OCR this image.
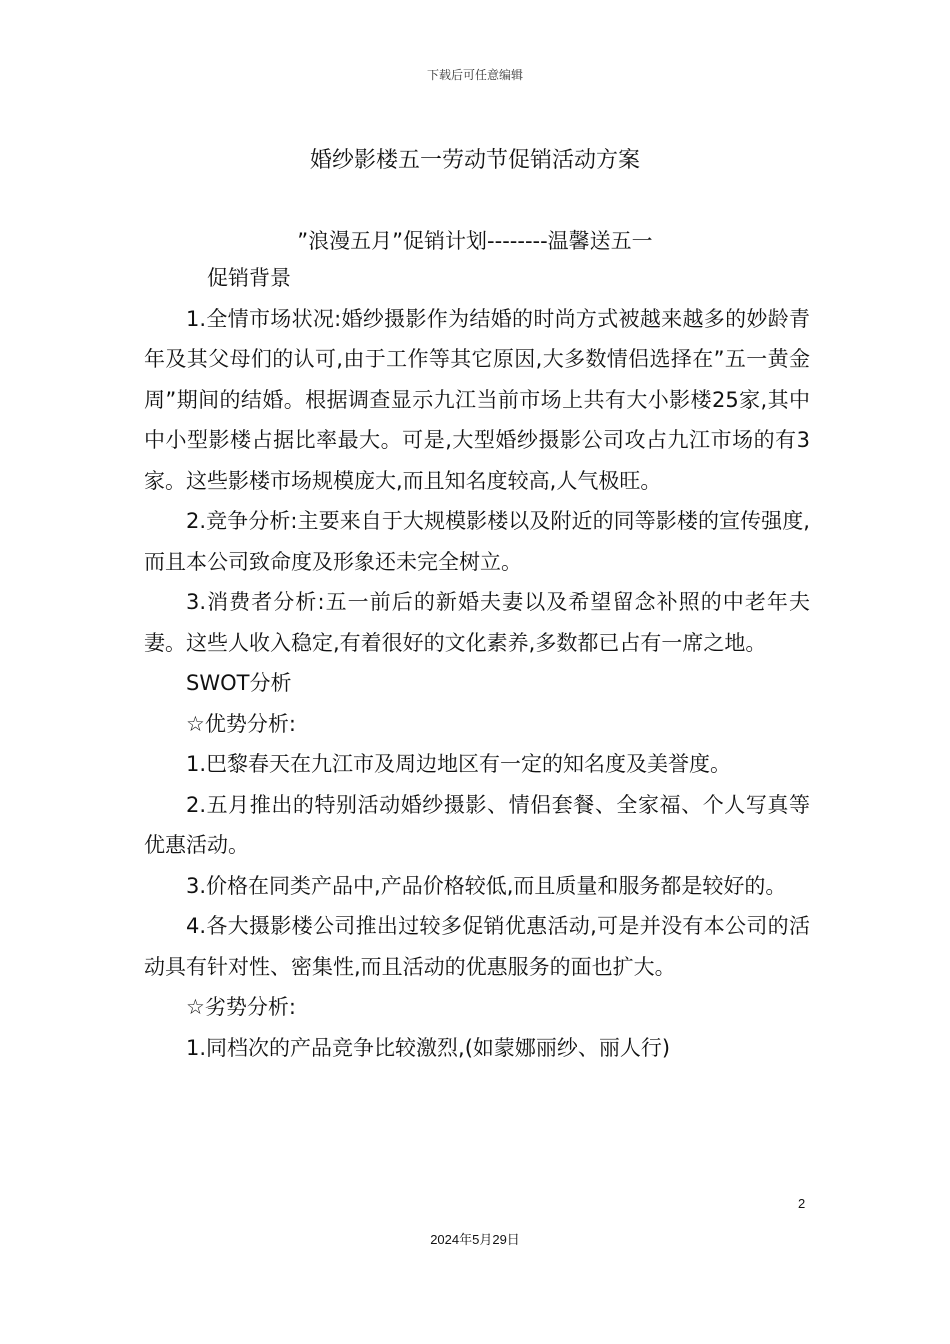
下载后可任意编辑
婚纱影楼五一劳动节促销活动方案
”浪漫五月”促销计划--------温馨送五一

促销背景

1.全情市场状况:婚纱摄影作为结婚的时尚方式被越来越多的妙龄青年及其父母们的认可,由于工作等其它原因,大多数情侣选择在”五一黄金周”期间的结婚。根据调查显示九江当前市场上共有大小影楼25家,其中中小型影楼占据比率最大。可是,大型婚纱摄影公司攻占九江市场的有3家。这些影楼市场规模庞大,而且知名度较高,人气极旺。

2.竞争分析:主要来自于大规模影楼以及附近的同等影楼的宣传强度,而且本公司致命度及形象还未完全树立。

3.消费者分析:五一前后的新婚夫妻以及希望留念补照的中老年夫妻。这些人收入稳定,有着很好的文化素养,多数都已占有一席之地。

SWOT分析

☆优势分析:

1.巴黎春天在九江市及周边地区有一定的知名度及美誉度。

2.五月推出的特别活动婚纱摄影、情侣套餐、全家福、个人写真等优惠活动。

3.价格在同类产品中,产品价格较低,而且质量和服务都是较好的。

4.各大摄影楼公司推出过较多促销优惠活动,可是并没有本公司的活动具有针对性、密集性,而且活动的优惠服务的面也扩大。

☆劣势分析:

1.同档次的产品竞争比较激烈,(如蒙娜丽纱、丽人行)

2
2024年5月29日
